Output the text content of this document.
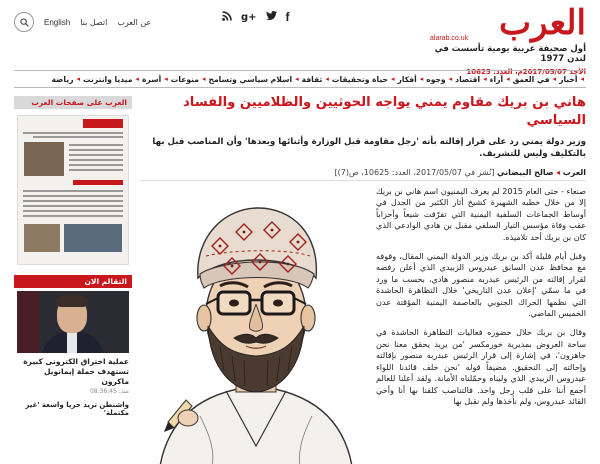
العرب
alarab.co.uk
أول صحيفة عربية يومية تأسست في لندن 1977
الأحد 2017/05/07م، العدد: 10625
g+ f
عن العرب
اتصل بنا
English
◂
أخبار
◂
في العمق
◂
آراء
◂
اقتصاد
◂
وجوه
◂
أفكار
◂
حياة وتحقيقات
◂
ثقافة
◂
اسلام سياسي وتسامح
◂
منوعات
◂
أسرة
◂
ميديا وانترنت
◂
رياضة
العرب على صفحات العرب
التقالم الان
عملية اختراق الكترونى كبيرة تستهدف حملة إيمانويل ماكرون
منذ: 08:36:45
واشنطن تريد حريا واسعة 'غير مكتملة'
هاني بن بريك مقاوم يمني يواجه الحوثيين والظلاميين والفساد السياسي
وزير دولة يمني رد على قرار إقالته بأنه 'رجل مقاومة قبل الوزارة وأثنائها وبعدها' وأن المناصب قبل بها بالتكليف وليس للتشريف.
العرب ◂ صالح البيضاني [نُشر في 2017/05/07، العدد: 10625، ص(7)]

صنعاء - حتى العام 2015 لم يعرف اليمنيون اسم هاني بن بريك إلا من خلال خطبه الشهيرة كشيخ أثار الكثير من الجدل في أوساط الجماعات السلفية اليمنية التي تفرّقت شيعاً وأحزاباً عقب وفاة مؤسس التيار السلفي مقبل بن هادي الوادعي الذي كان بن بريك أحد تلاميذه.

وقبل أيام قليلة أكد بن بريك وزير الدولة اليمني المقال، وقوفه مع محافظ عدن السابق عيدروس الزبيدي الذي أعلن رفضه لقرار إقالته من الرئيس عبدربه منصور هادي، بحسب ما ورد في ما سمّي 'إعلان عدن التاريخي' خلال التظاهرة الحاشدة التي نظمها الحراك الجنوبي بالعاصمة اليمنية المؤقتة عدن الخميس الماضي.

وقال بن بريك خلال حضوره فعاليات التظاهرة الحاشدة في ساحة العروض بمديرية خورمكسر 'من يريد يحقق معنا نحن جاهزون'، في إشارة إلى قرار الرئيس عبدربه منصور بإقالته وإحالته إلى التحقيق. مضيفاً قوله 'نحن خلف قائدنا اللواء عيدروس الزبيدي الذي وليناه وحمّلناه الأمانة. ولقد أعلنا للعالم أجمع أننا على قلب رجل واحد. فالتناصب كلفنا بها أنا وأخي القائد عيدروس، ولم نأخذها ولم نقبل بها
